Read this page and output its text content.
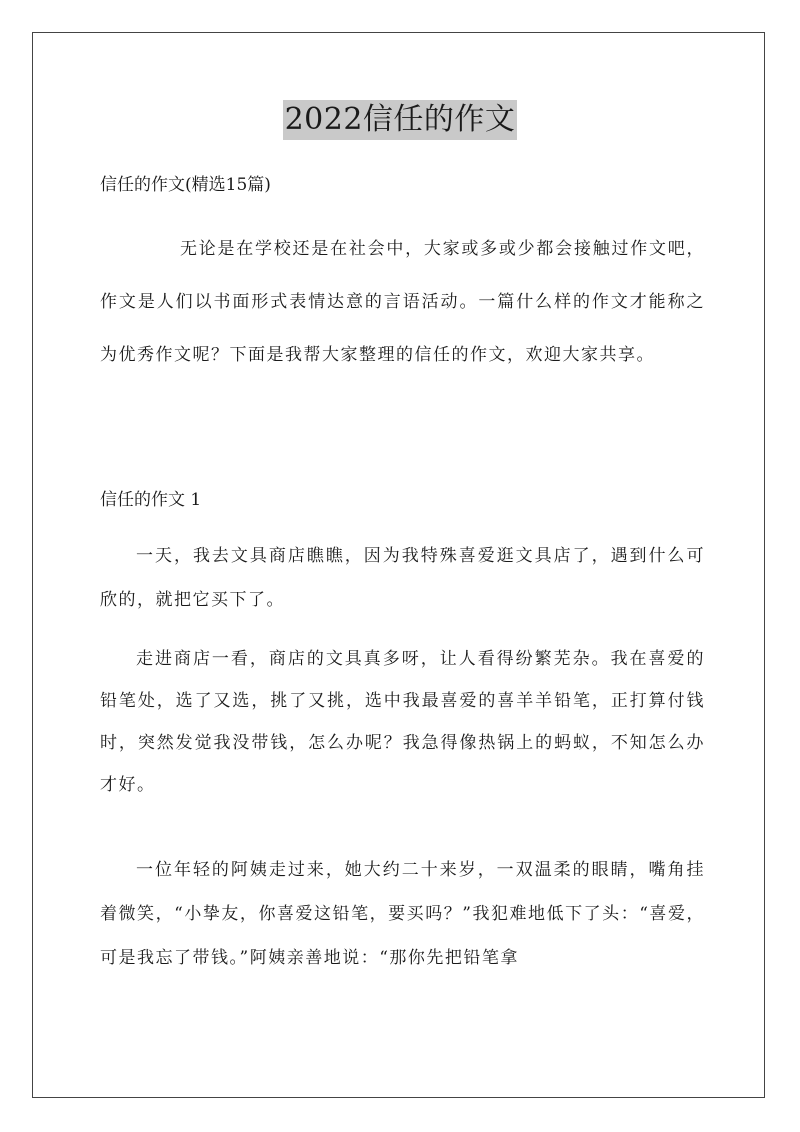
2022信任的作文
信任的作文(精选15篇)

无论是在学校还是在社会中，大家或多或少都会接触过作文吧，作文是人们以书面形式表情达意的言语活动。一篇什么样的作文才能称之为优秀作文呢？下面是我帮大家整理的信任的作文，欢迎大家共享。

信任的作文 1

一天，我去文具商店瞧瞧，因为我特殊喜爱逛文具店了，遇到什么可欣的，就把它买下了。

走进商店一看，商店的文具真多呀，让人看得纷繁芜杂。我在喜爱的铅笔处，选了又选，挑了又挑，选中我最喜爱的喜羊羊铅笔，正打算付钱时，突然发觉我没带钱，怎么办呢？我急得像热锅上的蚂蚁，不知怎么办才好。

一位年轻的阿姨走过来，她大约二十来岁，一双温柔的眼睛，嘴角挂着微笑，“小挚友，你喜爱这铅笔，要买吗？”我犯难地低下了头：“喜爱，可是我忘了带钱。”阿姨亲善地说：“那你先把铅笔拿
